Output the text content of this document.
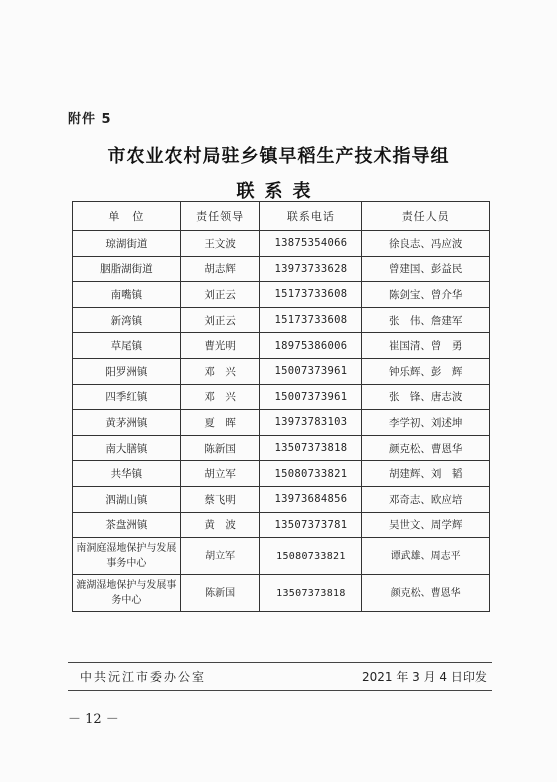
附件 5
市农业农村局驻乡镇早稻生产技术指导组
联系表
单　位	责任领导	联系电话	责任人员
琼湖街道	王文波	13875354066	徐良志、冯应波
胭脂湖街道	胡志辉	13973733628	曾建国、彭益民
南嘴镇	刘正云	15173733608	陈剑宝、曾介华
新湾镇	刘正云	15173733608	张　伟、詹建军
草尾镇	曹光明	18975386006	崔国清、曾　勇
阳罗洲镇	邓　兴	15007373961	钟乐辉、彭　辉
四季红镇	邓　兴	15007373961	张　锋、唐志波
黄茅洲镇	夏　晖	13973783103	李学初、刘述坤
南大膳镇	陈新国	13507373818	颜克松、曹恩华
共华镇	胡立军	15080733821	胡建辉、刘　韬
泗湖山镇	蔡飞明	13973684856	邓奇志、欧应培
茶盘洲镇	黄　波	13507373781	吴世文、周学辉
南洞庭湿地保护与发展事务中心	胡立军	15080733821	谭武雄、周志平
漉湖湿地保护与发展事务中心	陈新国	13507373818	颜克松、曹恩华
中共沅江市委办公室	2021 年 3 月 4 日印发
－ 12 －
